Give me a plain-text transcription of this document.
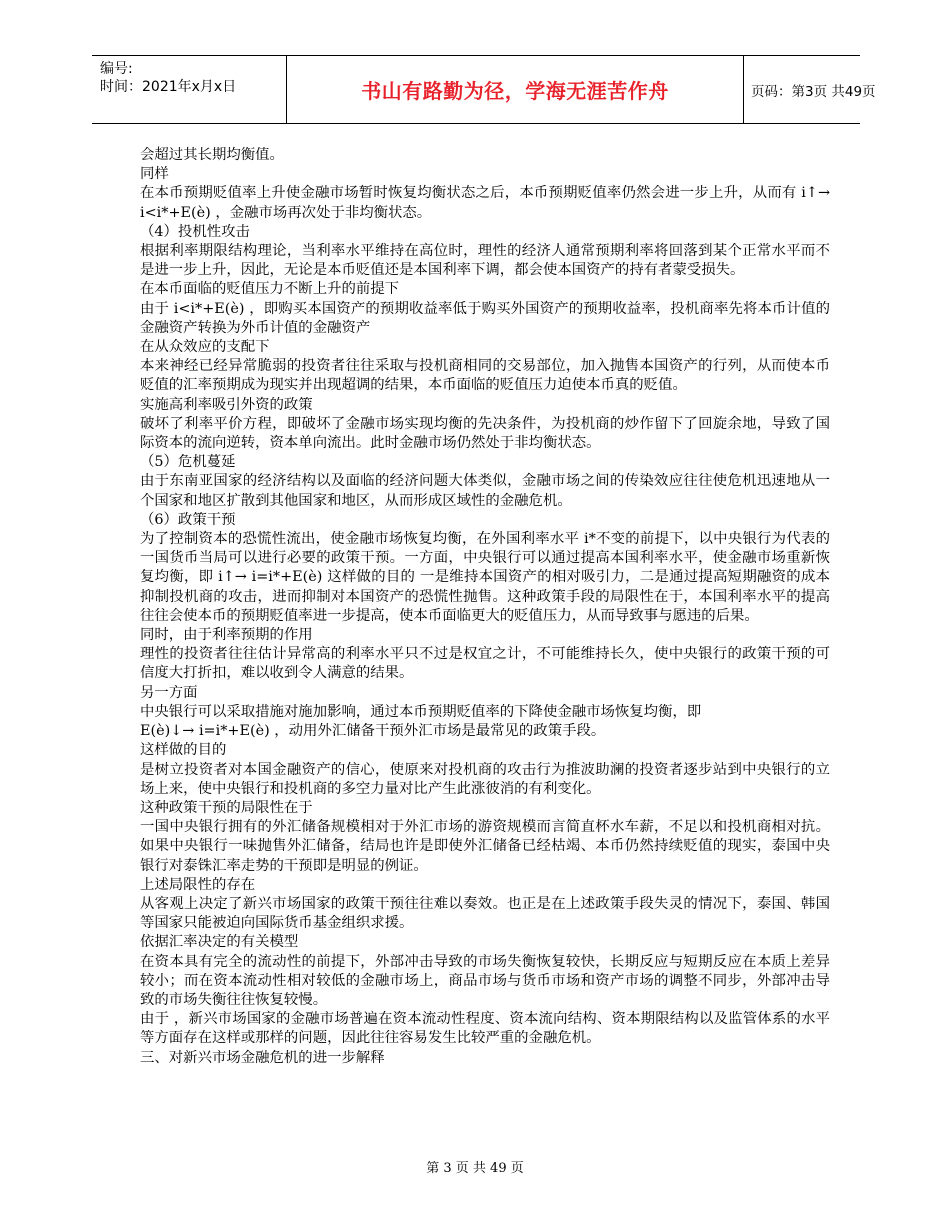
编号:
时间：2021年x月x日	书山有路勤为径，学海无涯苦作舟	页码：第3页 共49页

会超过其长期均衡值。

同样

在本币预期贬值率上升使金融市场暂时恢复均衡状态之后，本币预期贬值率仍然会进一步上升，从而有 i↑→ i<i*+E(è) ，金融市场再次处于非均衡状态。

（4）投机性攻击

根据利率期限结构理论，当利率水平维持在高位时，理性的经济人通常预期利率将回落到某个正常水平而不是进一步上升，因此，无论是本币贬值还是本国利率下调，都会使本国资产的持有者蒙受损失。

在本币面临的贬值压力不断上升的前提下

由于 i<i*+E(è) ，即购买本国资产的预期收益率低于购买外国资产的预期收益率，投机商率先将本币计值的金融资产转换为外币计值的金融资产

在从众效应的支配下

本来神经已经异常脆弱的投资者往往采取与投机商相同的交易部位，加入抛售本国资产的行列，从而使本币贬值的汇率预期成为现实并出现超调的结果，本币面临的贬值压力迫使本币真的贬值。

实施高利率吸引外资的政策

破坏了利率平价方程，即破坏了金融市场实现均衡的先决条件，为投机商的炒作留下了回旋余地，导致了国际资本的流向逆转，资本单向流出。此时金融市场仍然处于非均衡状态。

（5）危机蔓延

由于东南亚国家的经济结构以及面临的经济问题大体类似，金融市场之间的传染效应往往使危机迅速地从一个国家和地区扩散到其他国家和地区，从而形成区域性的金融危机。

（6）政策干预

为了控制资本的恐慌性流出，使金融市场恢复均衡，在外国利率水平 i*不变的前提下，以中央银行为代表的一国货币当局可以进行必要的政策干预。一方面，中央银行可以通过提高本国利率水平，使金融市场重新恢复均衡，即 i↑→ i=i*+E(è) 这样做的目的 一是维持本国资产的相对吸引力，二是通过提高短期融资的成本抑制投机商的攻击，进而抑制对本国资产的恐慌性抛售。这种政策手段的局限性在于，本国利率水平的提高往往会使本币的预期贬值率进一步提高，使本币面临更大的贬值压力，从而导致事与愿违的后果。

同时，由于利率预期的作用

理性的投资者往往估计异常高的利率水平只不过是权宜之计，不可能维持长久，使中央银行的政策干预的可信度大打折扣，难以收到令人满意的结果。

另一方面

中央银行可以采取措施对施加影响，通过本币预期贬值率的下降使金融市场恢复均衡，即

E(è)↓→ i=i*+E(è) ，动用外汇储备干预外汇市场是最常见的政策手段。

这样做的目的

是树立投资者对本国金融资产的信心，使原来对投机商的攻击行为推波助澜的投资者逐步站到中央银行的立场上来，使中央银行和投机商的多空力量对比产生此涨彼消的有利变化。

这种政策干预的局限性在于

一国中央银行拥有的外汇储备规模相对于外汇市场的游资规模而言简直杯水车薪，不足以和投机商相对抗。如果中央银行一味抛售外汇储备，结局也许是即使外汇储备已经枯竭、本币仍然持续贬值的现实，泰国中央银行对泰铢汇率走势的干预即是明显的例证。

上述局限性的存在

从客观上决定了新兴市场国家的政策干预往往难以奏效。也正是在上述政策手段失灵的情况下，泰国、韩国等国家只能被迫向国际货币基金组织求援。

依据汇率决定的有关模型

在资本具有完全的流动性的前提下，外部冲击导致的市场失衡恢复较快，长期反应与短期反应在本质上差异较小；而在资本流动性相对较低的金融市场上，商品市场与货币市场和资产市场的调整不同步，外部冲击导致的市场失衡往往恢复较慢。

由于 ，新兴市场国家的金融市场普遍在资本流动性程度、资本流向结构、资本期限结构以及监管体系的水平等方面存在这样或那样的问题，因此往往容易发生比较严重的金融危机。

三、对新兴市场金融危机的进一步解释

第 3 页 共 49 页
